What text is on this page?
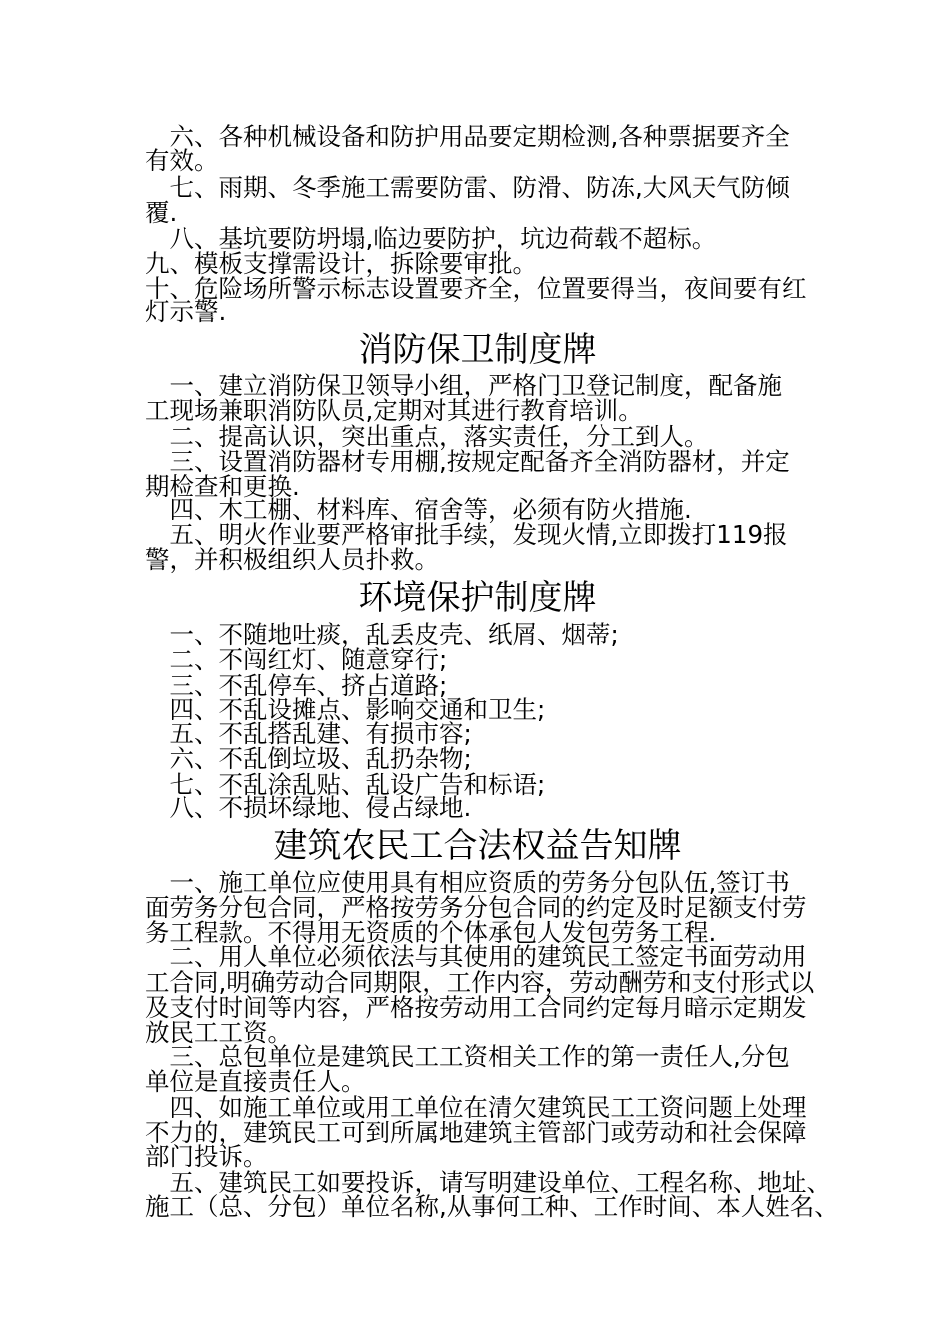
　六、各种机械设备和防护用品要定期检测,各种票据要齐全
有效。
　七、雨期、冬季施工需要防雷、防滑、防冻,大风天气防倾
覆.
　八、基坑要防坍塌,临边要防护，坑边荷载不超标。
九、模板支撑需设计，拆除要审批。
十、危险场所警示标志设置要齐全，位置要得当，夜间要有红
灯示警.
消防保卫制度牌
　一、建立消防保卫领导小组，严格门卫登记制度，配备施
工现场兼职消防队员,定期对其进行教育培训。
　二、提高认识，突出重点，落实责任，分工到人。
　三、设置消防器材专用棚,按规定配备齐全消防器材，并定
期检查和更换.
　四、木工棚、材料库、宿舍等，必须有防火措施.
　五、明火作业要严格审批手续，发现火情,立即拨打119报
警，并积极组织人员扑救。
环境保护制度牌
　一、不随地吐痰，乱丢皮壳、纸屑、烟蒂;
　二、不闯红灯、随意穿行;
　三、不乱停车、挤占道路;
　四、不乱设摊点、影响交通和卫生;
　五、不乱搭乱建、有损市容;
　六、不乱倒垃圾、乱扔杂物;
　七、不乱涂乱贴、乱设广告和标语;
　八、不损坏绿地、侵占绿地.
建筑农民工合法权益告知牌
　一、施工单位应使用具有相应资质的劳务分包队伍,签订书
面劳务分包合同，严格按劳务分包合同的约定及时足额支付劳
务工程款。不得用无资质的个体承包人发包劳务工程.
　二、用人单位必须依法与其使用的建筑民工签定书面劳动用
工合同,明确劳动合同期限，工作内容，劳动酬劳和支付形式以
及支付时间等内容，严格按劳动用工合同约定每月暗示定期发
放民工工资。
　三、总包单位是建筑民工工资相关工作的第一责任人,分包
单位是直接责任人。
　四、如施工单位或用工单位在清欠建筑民工工资问题上处理
不力的，建筑民工可到所属地建筑主管部门或劳动和社会保障
部门投诉。
　五、建筑民工如要投诉，请写明建设单位、工程名称、地址、
施工（总、分包）单位名称,从事何工种、工作时间、本人姓名、
